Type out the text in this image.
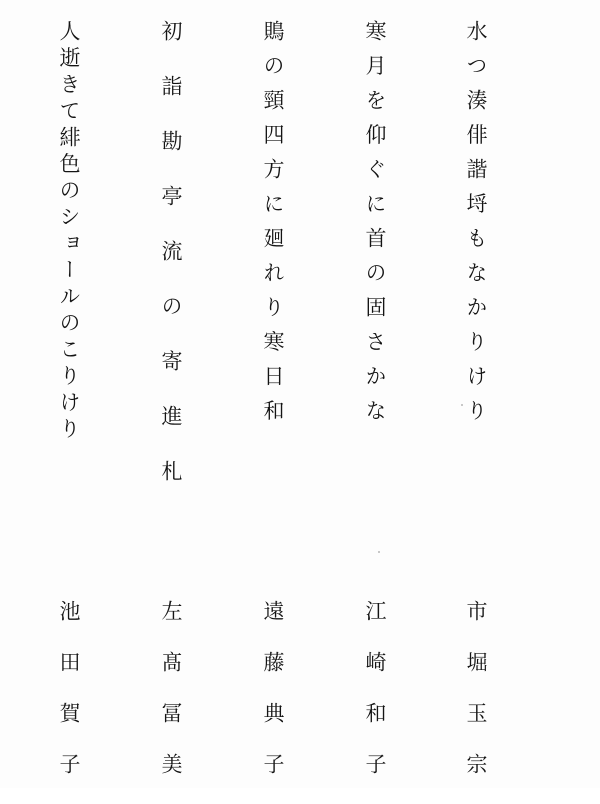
水つ湊俳諧埒もなかりけり
市堀玉宗
寒月を仰ぐに首の固さかな
江崎和子
鵙の頸四方に廻れり寒日和
遠藤典子
初詣勘亭流の寄進札
左髙冨美
人逝きて緋色のショールのこりけり
池田賀子
